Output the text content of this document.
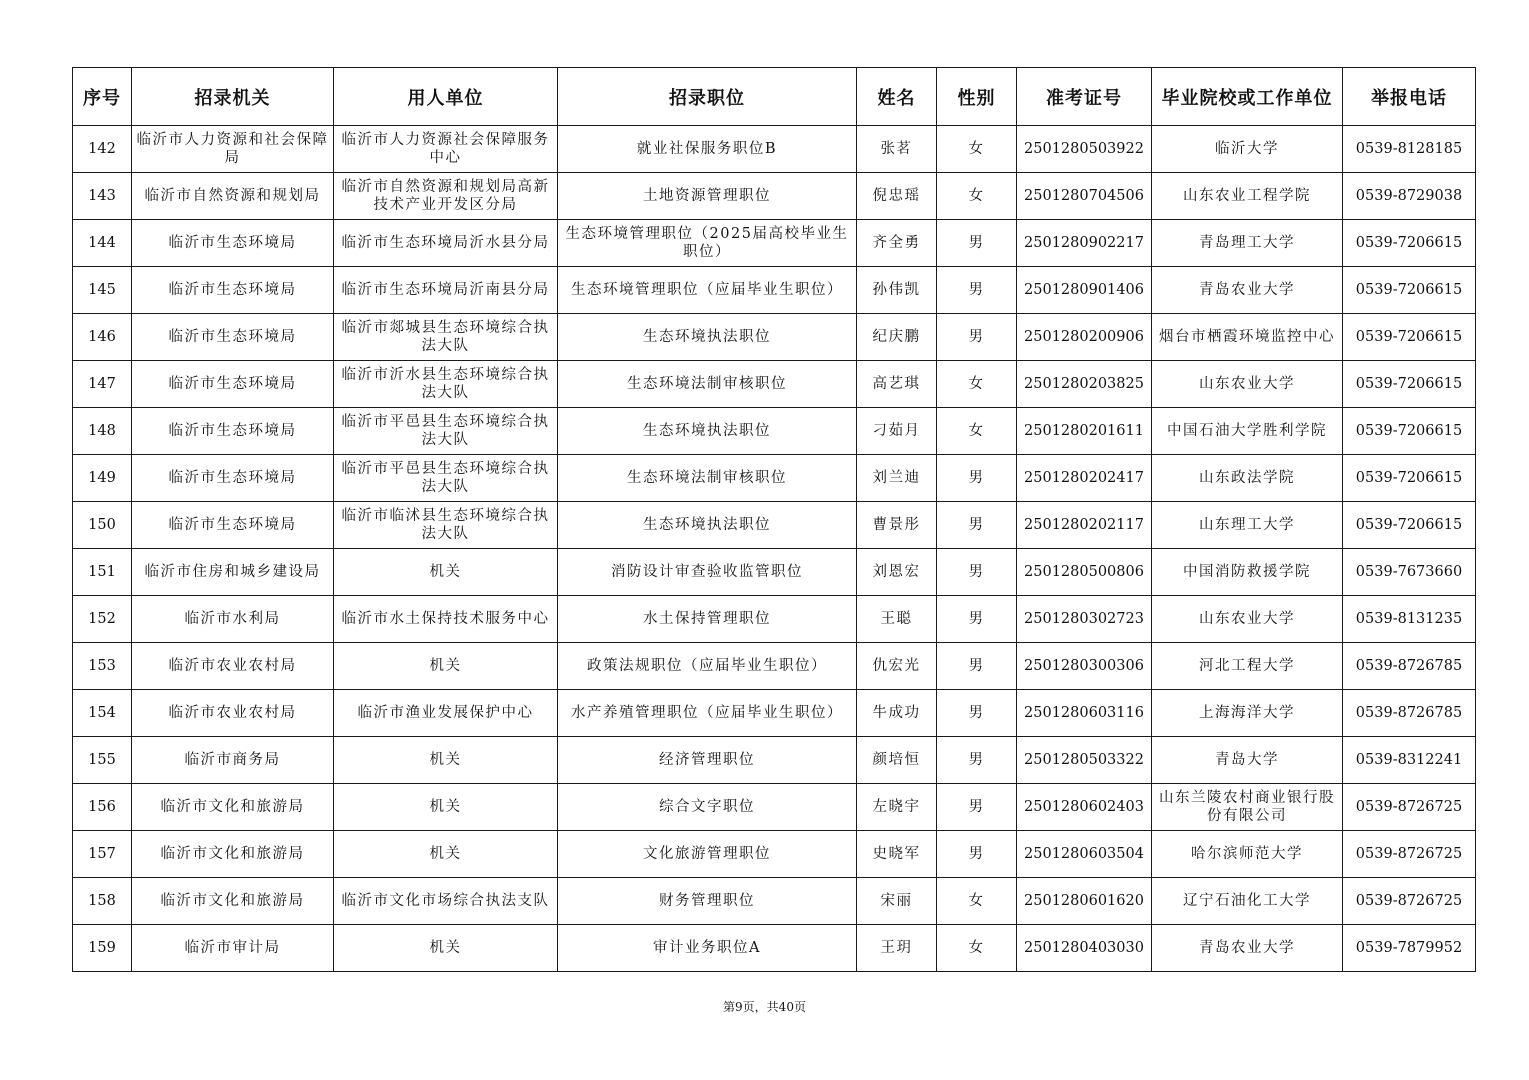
序号	招录机关	用人单位	招录职位	姓名	性别	准考证号	毕业院校或工作单位	举报电话
142	临沂市人力资源和社会保障局	临沂市人力资源社会保障服务中心	就业社保服务职位B	张茗	女	2501280503922	临沂大学	0539-8128185
143	临沂市自然资源和规划局	临沂市自然资源和规划局高新技术产业开发区分局	土地资源管理职位	倪忠瑶	女	2501280704506	山东农业工程学院	0539-8729038
144	临沂市生态环境局	临沂市生态环境局沂水县分局	生态环境管理职位（2025届高校毕业生职位）	齐全勇	男	2501280902217	青岛理工大学	0539-7206615
145	临沂市生态环境局	临沂市生态环境局沂南县分局	生态环境管理职位（应届毕业生职位）	孙伟凯	男	2501280901406	青岛农业大学	0539-7206615
146	临沂市生态环境局	临沂市郯城县生态环境综合执法大队	生态环境执法职位	纪庆鹏	男	2501280200906	烟台市栖霞环境监控中心	0539-7206615
147	临沂市生态环境局	临沂市沂水县生态环境综合执法大队	生态环境法制审核职位	高艺琪	女	2501280203825	山东农业大学	0539-7206615
148	临沂市生态环境局	临沂市平邑县生态环境综合执法大队	生态环境执法职位	刁茹月	女	2501280201611	中国石油大学胜利学院	0539-7206615
149	临沂市生态环境局	临沂市平邑县生态环境综合执法大队	生态环境法制审核职位	刘兰迪	男	2501280202417	山东政法学院	0539-7206615
150	临沂市生态环境局	临沂市临沭县生态环境综合执法大队	生态环境执法职位	曹景彤	男	2501280202117	山东理工大学	0539-7206615
151	临沂市住房和城乡建设局	机关	消防设计审查验收监管职位	刘恩宏	男	2501280500806	中国消防救援学院	0539-7673660
152	临沂市水利局	临沂市水土保持技术服务中心	水土保持管理职位	王聪	男	2501280302723	山东农业大学	0539-8131235
153	临沂市农业农村局	机关	政策法规职位（应届毕业生职位）	仇宏光	男	2501280300306	河北工程大学	0539-8726785
154	临沂市农业农村局	临沂市渔业发展保护中心	水产养殖管理职位（应届毕业生职位）	牛成功	男	2501280603116	上海海洋大学	0539-8726785
155	临沂市商务局	机关	经济管理职位	颜培恒	男	2501280503322	青岛大学	0539-8312241
156	临沂市文化和旅游局	机关	综合文字职位	左晓宇	男	2501280602403	山东兰陵农村商业银行股份有限公司	0539-8726725
157	临沂市文化和旅游局	机关	文化旅游管理职位	史晓军	男	2501280603504	哈尔滨师范大学	0539-8726725
158	临沂市文化和旅游局	临沂市文化市场综合执法支队	财务管理职位	宋丽	女	2501280601620	辽宁石油化工大学	0539-8726725
159	临沂市审计局	机关	审计业务职位A	王玥	女	2501280403030	青岛农业大学	0539-7879952
第9页，共40页
